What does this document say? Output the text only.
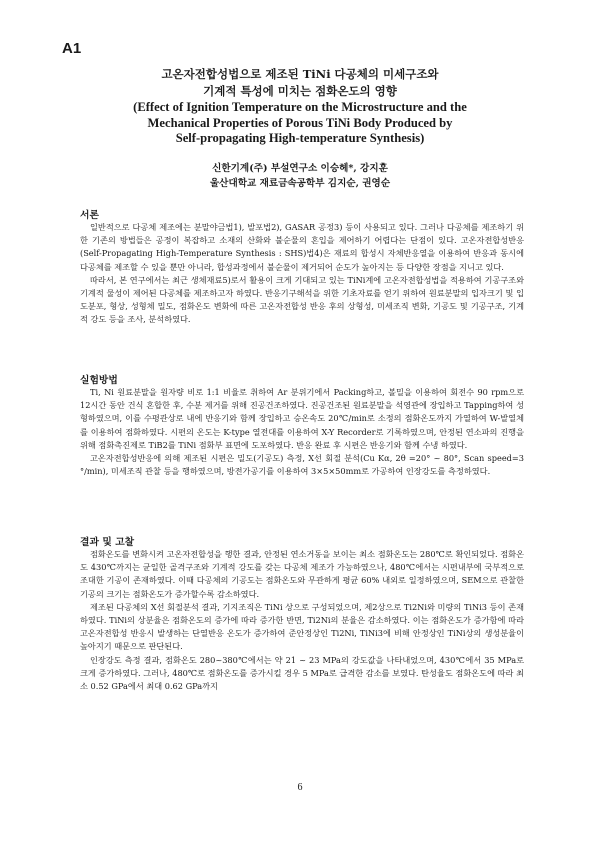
A1
고온자전합성법으로 제조된 TiNi 다공체의 미세구조와
기계적 특성에 미치는 점화온도의 영향
(Effect of Ignition Temperature on the Microstructure and the
Mechanical Properties of Porous TiNi Body Produced by
Self-propagating High-temperature Synthesis)
신한기계(주) 부설연구소 이승헤*, 강지훈
울산대학교 재료금속공학부 김지순, 권영순

서론

일반적으로 다공체 제조에는 분말야금법1), 발포법2), GASAR 공정3) 등이 사용되고 있다. 그러나 다공체를 제조하기 위한 기존의 방법들은 공정이 복잡하고 소재의 산화와 불순물의 혼입을 제어하기 어렵다는 단점이 있다. 고온자전합성반응(Self-Propagating High-Temperature Synthesis : SHS)법4)은 재료의 합성시 자체반응열을 이용하여 반응과 동시에 다공체를 제조할 수 있을 뿐만 아니라, 합성과정에서 불순물이 제거되어 순도가 높아지는 등 다양한 장점을 지니고 있다.

따라서, 본 연구에서는 최근 생체재료5)로서 활용이 크게 기대되고 있는 TiNi계에 고온자전합성법을 적용하여 기공구조와 기계적 물성이 제어된 다공체를 제조하고자 하였다. 반응기구해석을 위한 기초자료를 얻기 위하여 원료분말의 입자크기 및 입도분포, 형상, 성형체 밀도, 점화온도 변화에 따른 고온자전합성 반응 후의 상형성, 미세조직 변화, 기공도 및 기공구조, 기계적 강도 등을 조사, 분석하였다.

실험방법

Ti, Ni 원료분말을 원자량 비로 1:1 비율로 취하여 Ar 분위기에서 Packing하고, 볼밀을 이용하여 회전수 90 rpm으로 12시간 동안 건식 혼합한 후, 수분 제거를 위해 진공건조하였다. 진공건조된 원료분말을 석영관에 장입하고 Tapping하여 성형하였으며, 이를 수평관상로 내에 반응기와 함께 장입하고 승온속도 20℃/min로 소정의 점화온도까지 가열하여 W-발열체를 이용하여 점화하였다. 시편의 온도는 K-type 열전대를 이용하여 X-Y Recorder로 기록하였으며, 안정된 연소파의 진행을 위해 점화촉진제로 TiB2를 TiNi 점화부 표면에 도포하였다. 반응 완료 후 시편은 반응기와 함께 수냉 하였다.

고온자전합성반응에 의해 제조된 시편은 밀도(기공도) 측정, X선 회절 분석(Cu Kα, 2θ =20° ~ 80°, Scan speed=3 °/min), 미세조직 관찰 등을 행하였으며, 방전가공기를 이용하여 3×5×50mm로 가공하여 인장강도를 측정하였다.

결과 및 고찰

점화온도를 변화시켜 고온자전합성을 행한 결과, 안정된 연소거동을 보이는 최소 점화온도는 280℃로 확인되었다. 점화온도 430℃까지는 균일한 골격구조와 기계적 강도를 갖는 다공체 제조가 가능하였으나, 480℃에서는 시편내부에 국부적으로 조대한 기공이 존재하였다. 이때 다공체의 기공도는 점화온도와 무관하게 평균 60% 내외로 일정하였으며, SEM으로 관찰한 기공의 크기는 점화온도가 증가할수록 감소하였다.

제조된 다공체의 X선 회절분석 결과, 기지조직은 TiNi 상으로 구성되었으며, 제2상으로 Ti2Ni와 미량의 TiNi3 등이 존재하였다. TiNi의 상분율은 점화온도의 증가에 따라 증가한 반면, Ti2Ni의 분율은 감소하였다. 이는 점화온도가 증가함에 따라 고온자전합성 반응시 발생하는 단열반응 온도가 증가하여 준안정상인 Ti2Ni, TiNi3에 비해 안정상인 TiNi상의 생성분율이 높아지기 때문으로 판단된다.

인장강도 측정 결과, 점화온도 280~380℃에서는 약 21 ~ 23 MPa의 강도값을 나타내었으며, 430℃에서 35 MPa로 크게 증가하였다. 그러나, 480℃로 점화온도를 증가시킬 경우 5 MPa로 급격한 감소를 보였다. 탄성율도 점화온도에 따라 최소 0.52 GPa에서 최대 0.62 GPa까지

6
